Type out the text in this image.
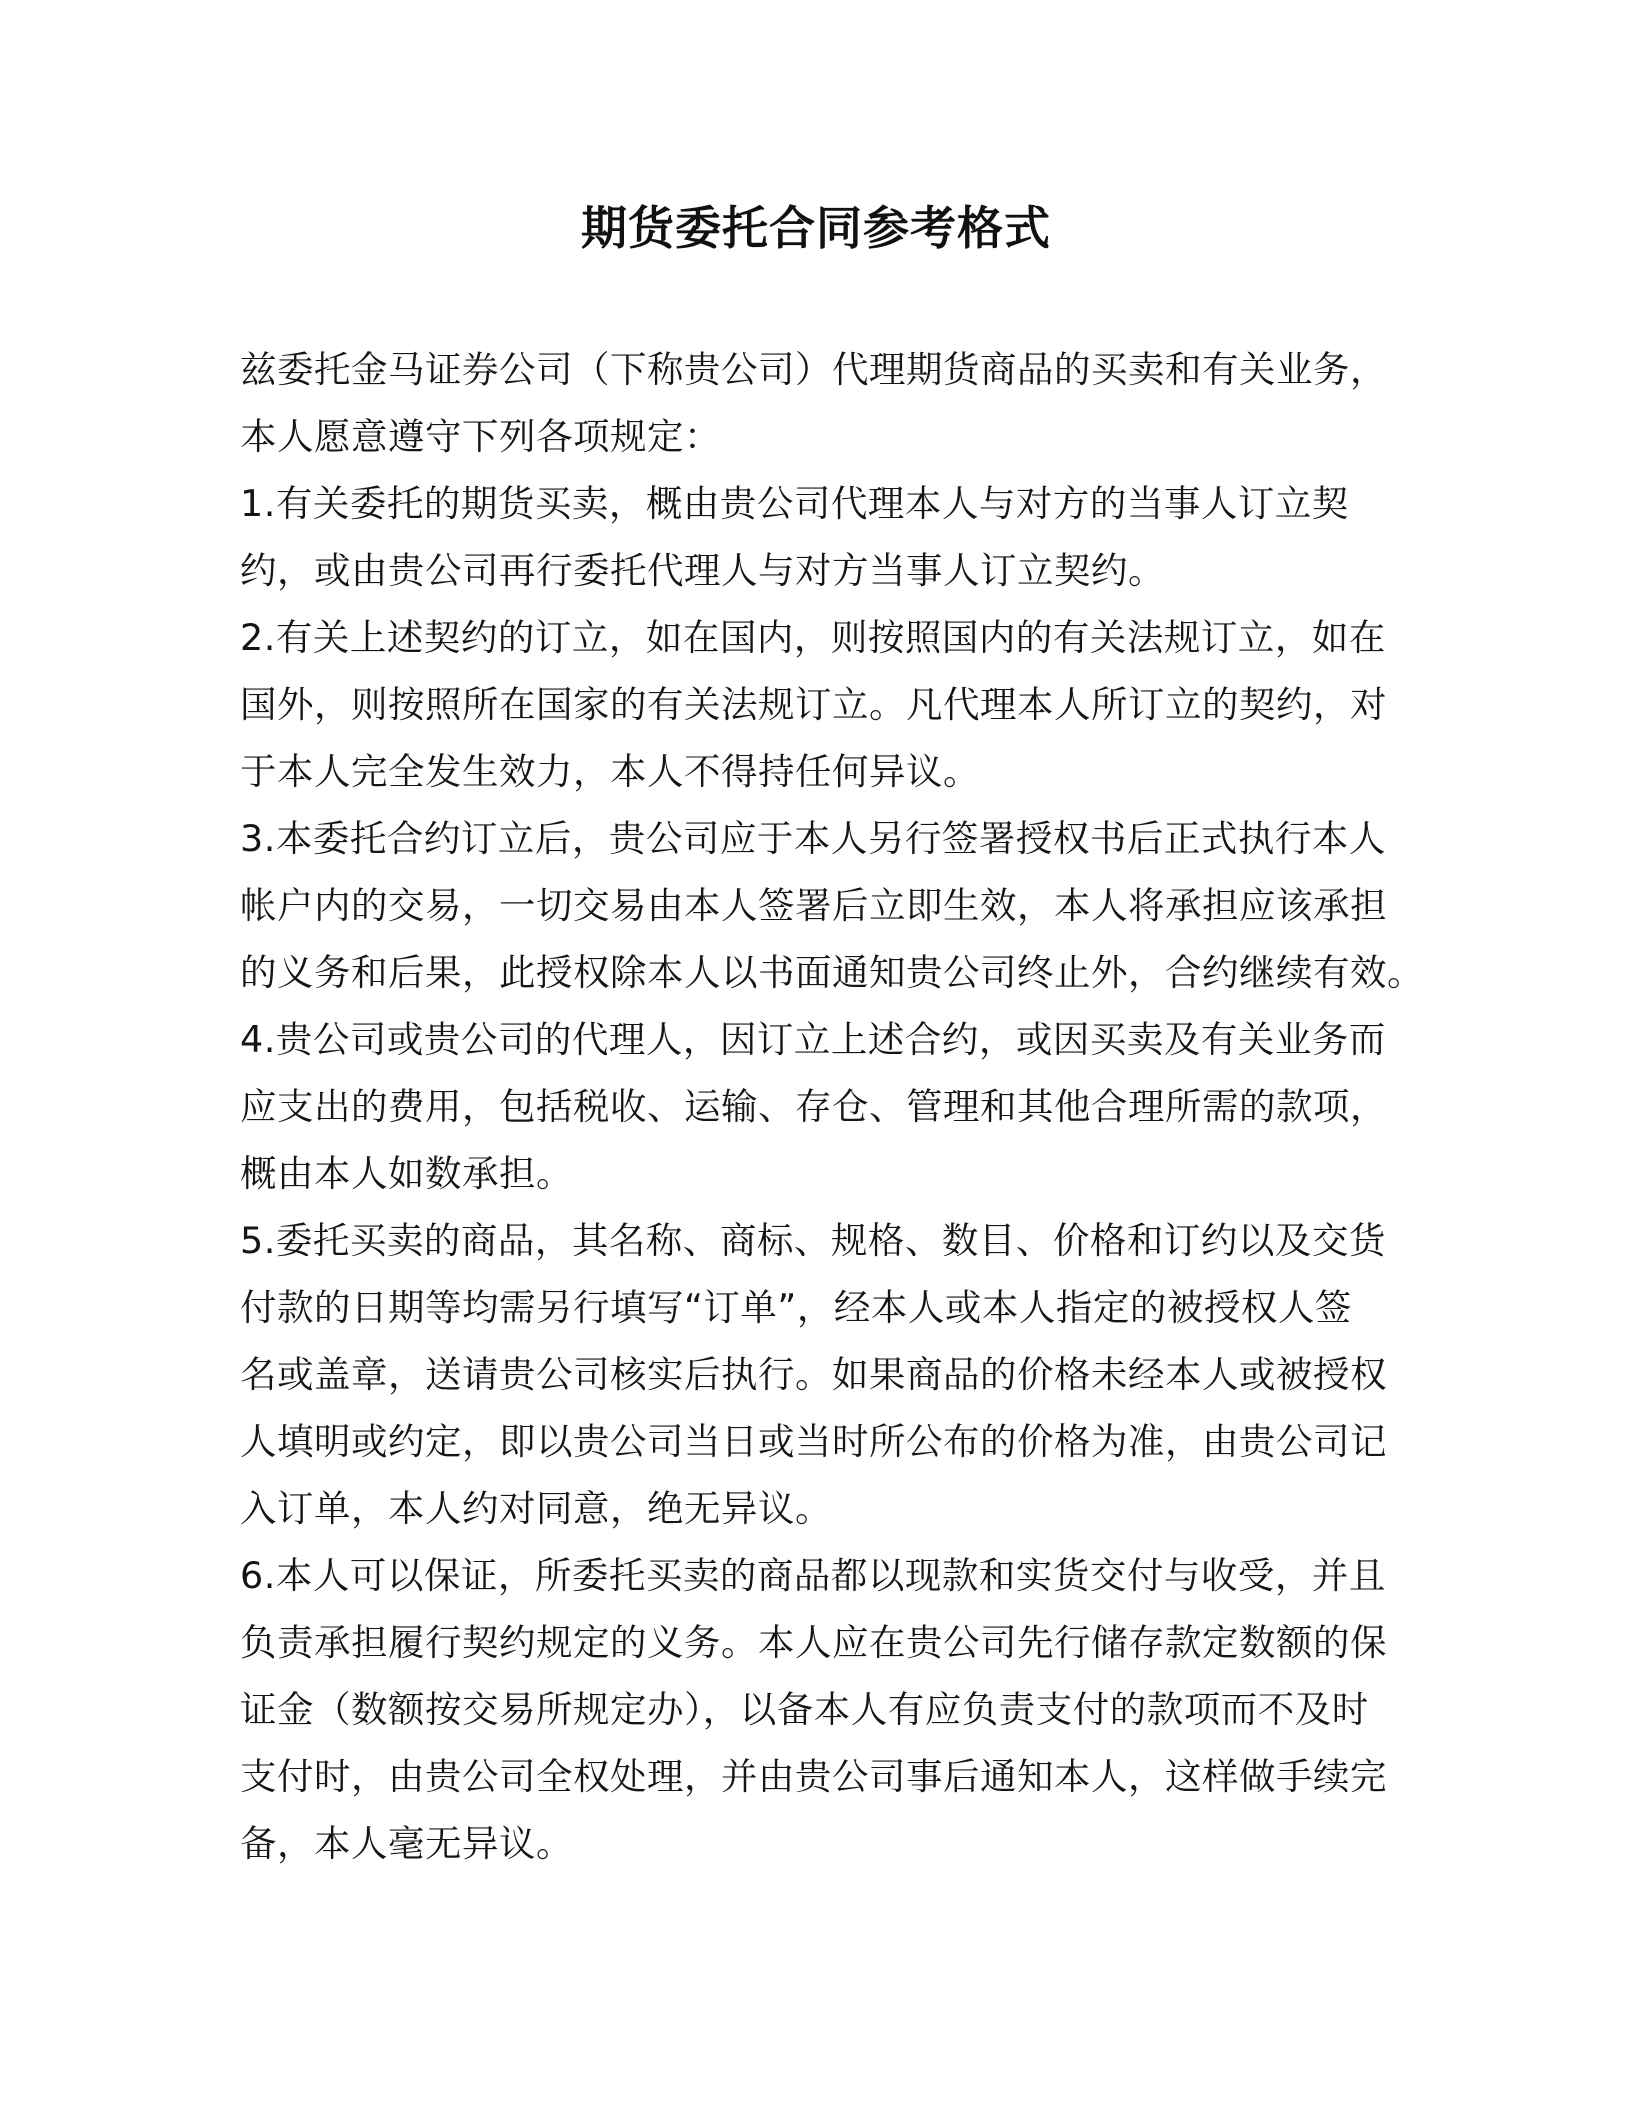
期货委托合同参考格式
兹委托金马证券公司（下称贵公司）代理期货商品的买卖和有关业务，
本人愿意遵守下列各项规定：
1.有关委托的期货买卖，概由贵公司代理本人与对方的当事人订立契
约，或由贵公司再行委托代理人与对方当事人订立契约。
2.有关上述契约的订立，如在国内，则按照国内的有关法规订立，如在
国外，则按照所在国家的有关法规订立。凡代理本人所订立的契约，对
于本人完全发生效力，本人不得持任何异议。
3.本委托合约订立后，贵公司应于本人另行签署授权书后正式执行本人
帐户内的交易，一切交易由本人签署后立即生效，本人将承担应该承担
的义务和后果，此授权除本人以书面通知贵公司终止外，合约继续有效。
4.贵公司或贵公司的代理人，因订立上述合约，或因买卖及有关业务而
应支出的费用，包括税收、运输、存仓、管理和其他合理所需的款项，
概由本人如数承担。
5.委托买卖的商品，其名称、商标、规格、数目、价格和订约以及交货
付款的日期等均需另行填写“订单”，经本人或本人指定的被授权人签
名或盖章，送请贵公司核实后执行。如果商品的价格未经本人或被授权
人填明或约定，即以贵公司当日或当时所公布的价格为准，由贵公司记
入订单，本人约对同意，绝无异议。
6.本人可以保证，所委托买卖的商品都以现款和实货交付与收受，并且
负责承担履行契约规定的义务。本人应在贵公司先行储存款定数额的保
证金（数额按交易所规定办），以备本人有应负责支付的款项而不及时
支付时，由贵公司全权处理，并由贵公司事后通知本人，这样做手续完
备，本人毫无异议。
